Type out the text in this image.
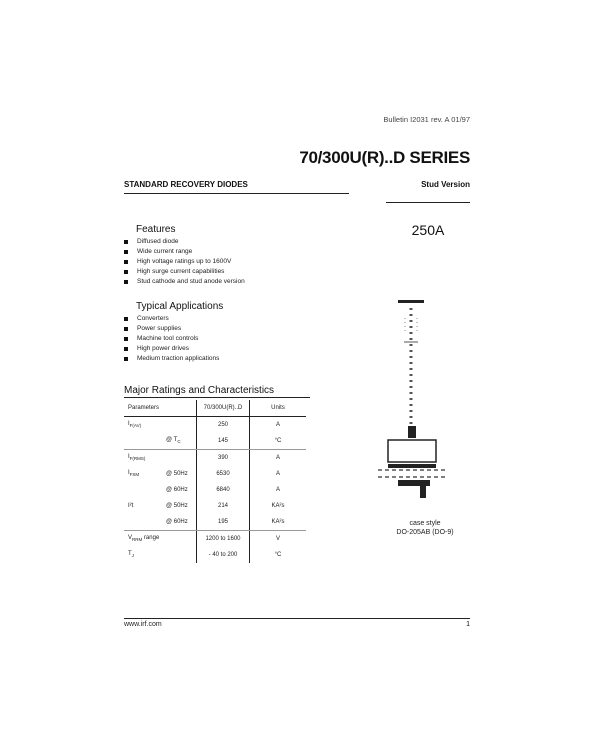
Bulletin I2031 rev. A 01/97
70/300U(R)..D SERIES
STANDARD RECOVERY DIODES	Stud Version
250A
Features
Diffused diode
Wide current range
High voltage ratings up to 1600V
High surge current capabilities
Stud cathode and stud anode version
Typical Applications
Converters
Power supplies
Machine tool controls
High power drives
Medium traction applications
Major Ratings and Characteristics
Parameters		70/300U(R)..D	Units
$I_{F(AV)}$		250	A
	@ $T_C$	145	°C
$I_{F(RMS)}$		390	A
$I_{FSM}$	@ 50Hz	6530	A
	@ 60Hz	6840	A
I²t	@ 50Hz	214	KA²s
	@ 60Hz	195	KA²s
$V_{RRM}$ range		1200 to 1600	V
$T_J$		- 40 to 200	°C
case style
DO-205AB (DO-9)
www.irf.com	1
